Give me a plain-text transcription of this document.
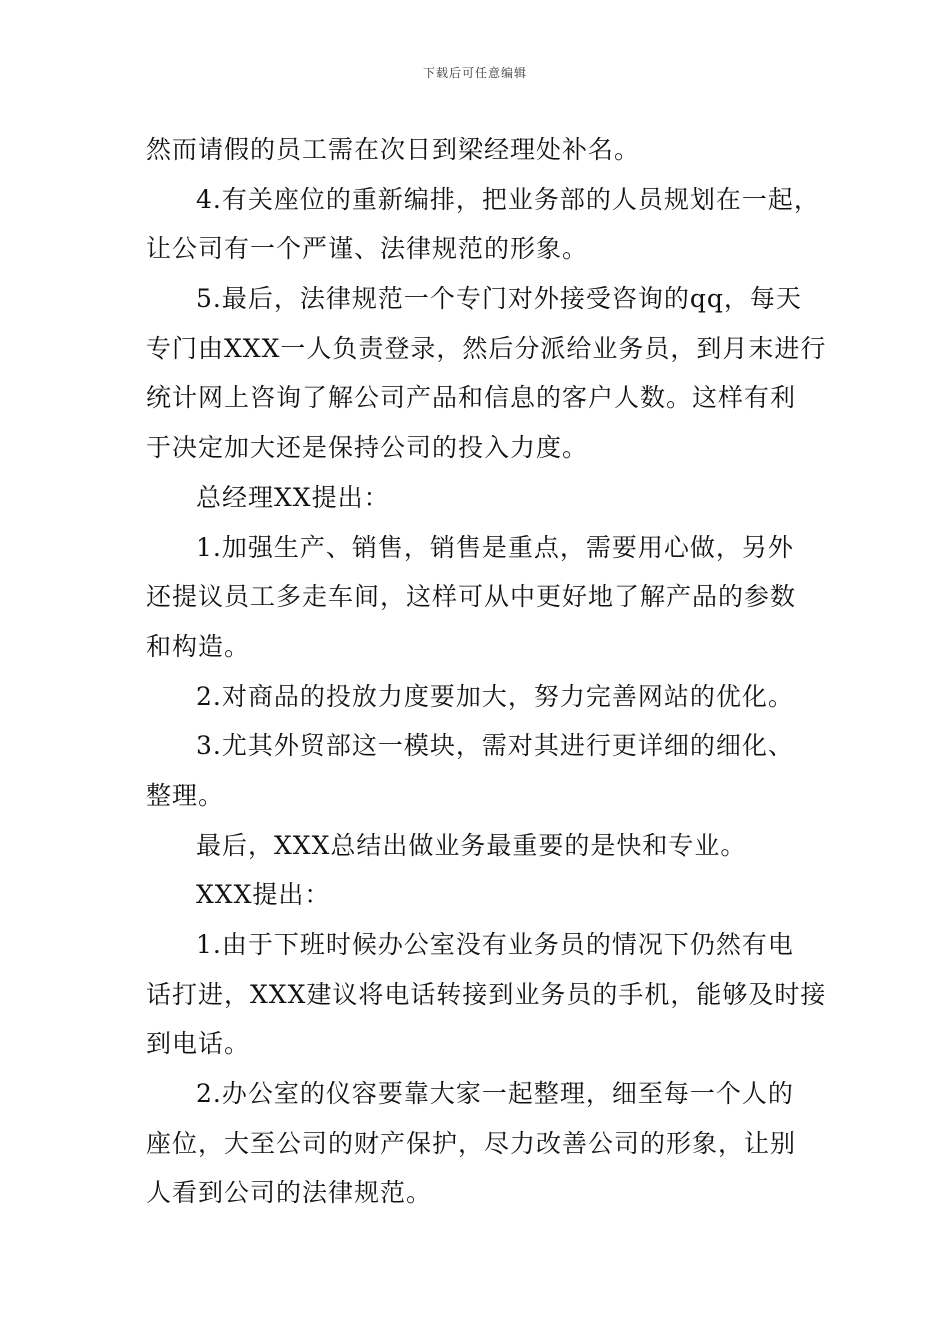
下载后可任意编辑
然而请假的员工需在次日到梁经理处补名。
4.有关座位的重新编排，把业务部的人员规划在一起，
让公司有一个严谨、法律规范的形象。
5.最后，法律规范一个专门对外接受咨询的qq，每天
专门由XXX一人负责登录，然后分派给业务员，到月末进行
统计网上咨询了解公司产品和信息的客户人数。这样有利
于决定加大还是保持公司的投入力度。
总经理XX提出：
1.加强生产、销售，销售是重点，需要用心做，另外
还提议员工多走车间，这样可从中更好地了解产品的参数
和构造。
2.对商品的投放力度要加大，努力完善网站的优化。
3.尤其外贸部这一模块，需对其进行更详细的细化、
整理。
最后，XXX总结出做业务最重要的是快和专业。
XXX提出：
1.由于下班时候办公室没有业务员的情况下仍然有电
话打进，XXX建议将电话转接到业务员的手机，能够及时接
到电话。
2.办公室的仪容要靠大家一起整理，细至每一个人的
座位，大至公司的财产保护，尽力改善公司的形象，让别
人看到公司的法律规范。
